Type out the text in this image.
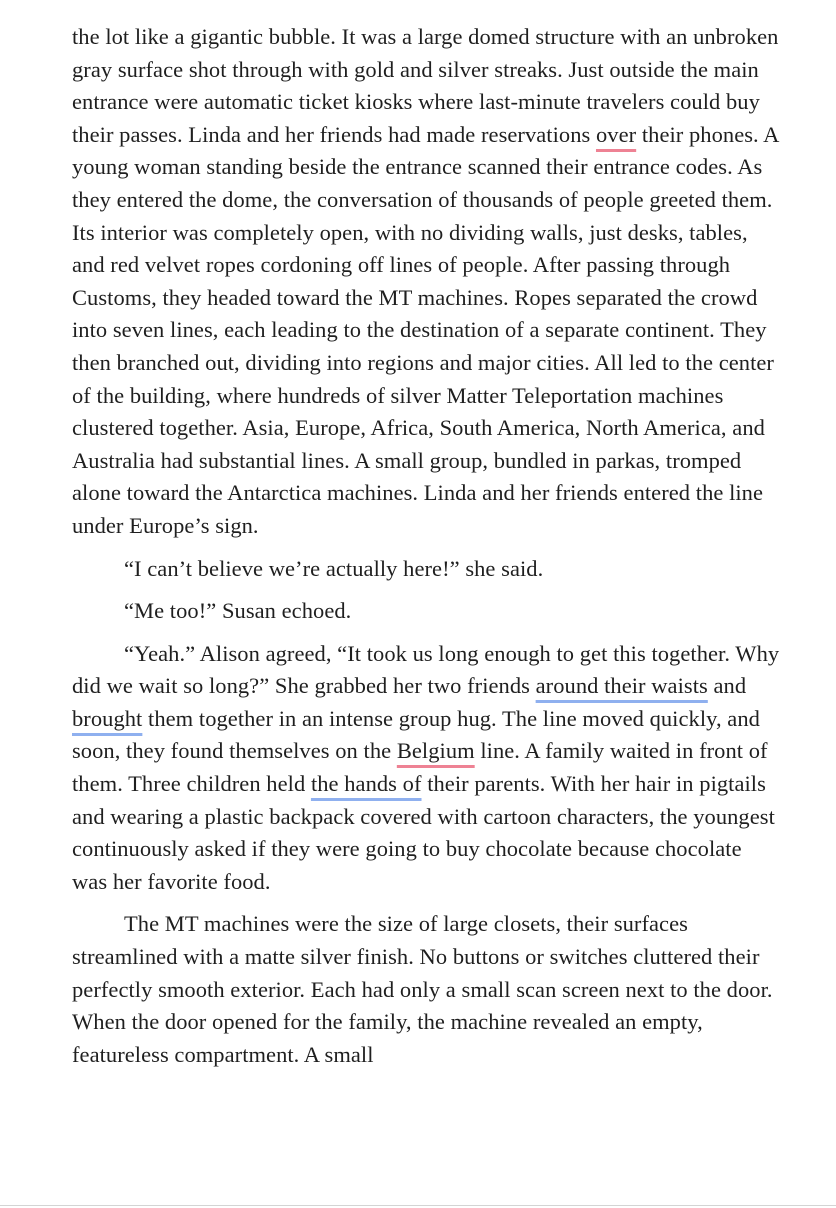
the lot like a gigantic bubble. It was a large domed structure with an unbroken gray surface shot through with gold and silver streaks. Just outside the main entrance were automatic ticket kiosks where last-minute travelers could buy their passes. Linda and her friends had made reservations over their phones. A young woman standing beside the entrance scanned their entrance codes. As they entered the dome, the conversation of thousands of people greeted them. Its interior was completely open, with no dividing walls, just desks, tables, and red velvet ropes cordoning off lines of people. After passing through Customs, they headed toward the MT machines. Ropes separated the crowd into seven lines, each leading to the destination of a separate continent. They then branched out, dividing into regions and major cities. All led to the center of the building, where hundreds of silver Matter Teleportation machines clustered together. Asia, Europe, Africa, South America, North America, and Australia had substantial lines. A small group, bundled in parkas, tromped alone toward the Antarctica machines. Linda and her friends entered the line under Europe’s sign.

“I can’t believe we’re actually here!” she said.

“Me too!” Susan echoed.

“Yeah.” Alison agreed, “It took us long enough to get this together. Why did we wait so long?” She grabbed her two friends around their waists and brought them together in an intense group hug. The line moved quickly, and soon, they found themselves on the Belgium line. A family waited in front of them. Three children held the hands of their parents. With her hair in pigtails and wearing a plastic backpack covered with cartoon characters, the youngest continuously asked if they were going to buy chocolate because chocolate was her favorite food.

The MT machines were the size of large closets, their surfaces streamlined with a matte silver finish. No buttons or switches cluttered their perfectly smooth exterior. Each had only a small scan screen next to the door. When the door opened for the family, the machine revealed an empty, featureless compartment. A small
